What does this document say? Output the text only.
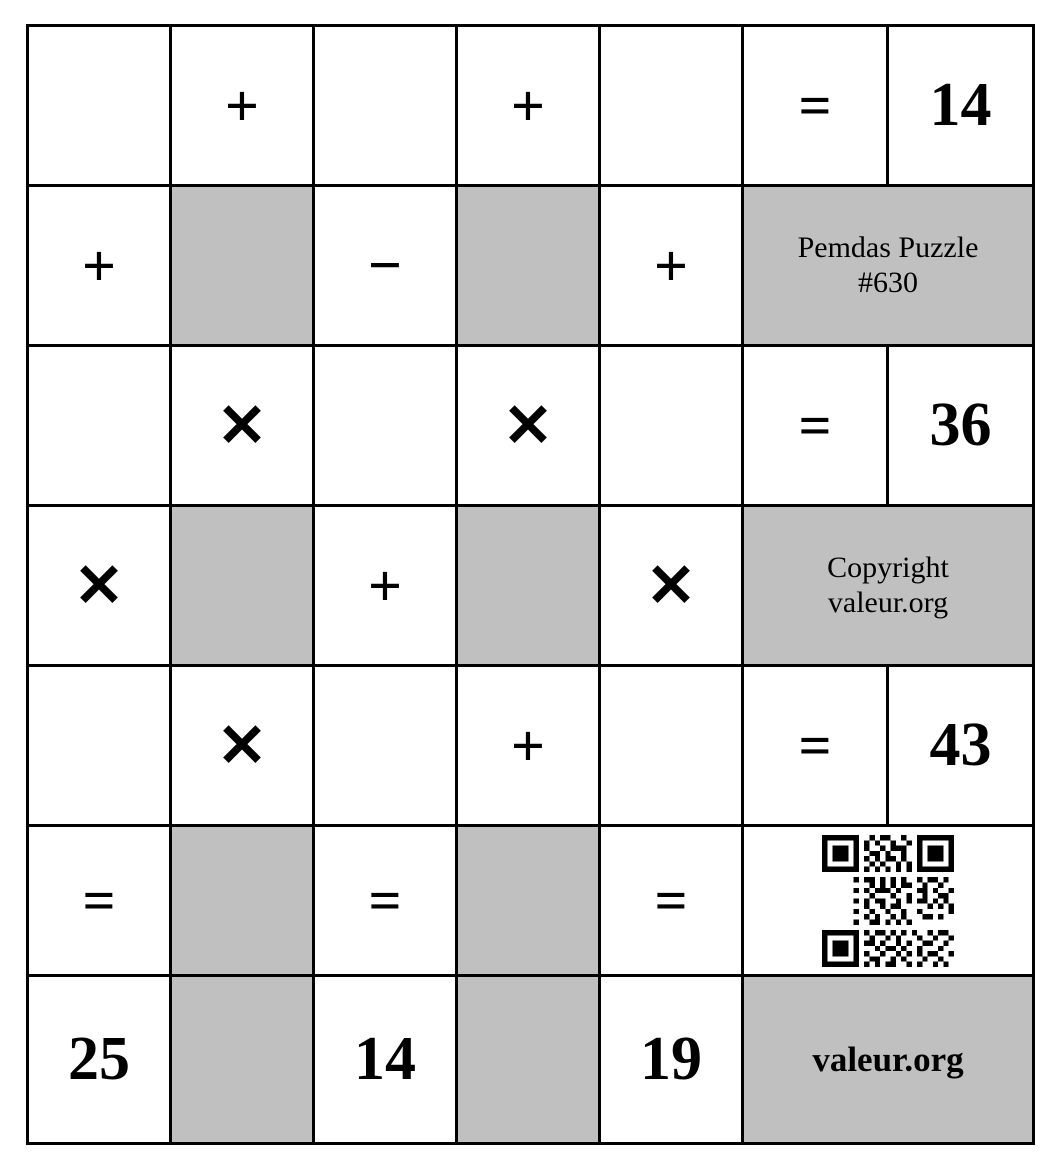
	+		+		=	14
+		−		+	Pemdas Puzzle
#630	
	✕		✕		=	36
✕		+		✕	Copyright
valeur.org	
	✕		+		=	43
=		=		=	

25		14		19	valeur.org	
